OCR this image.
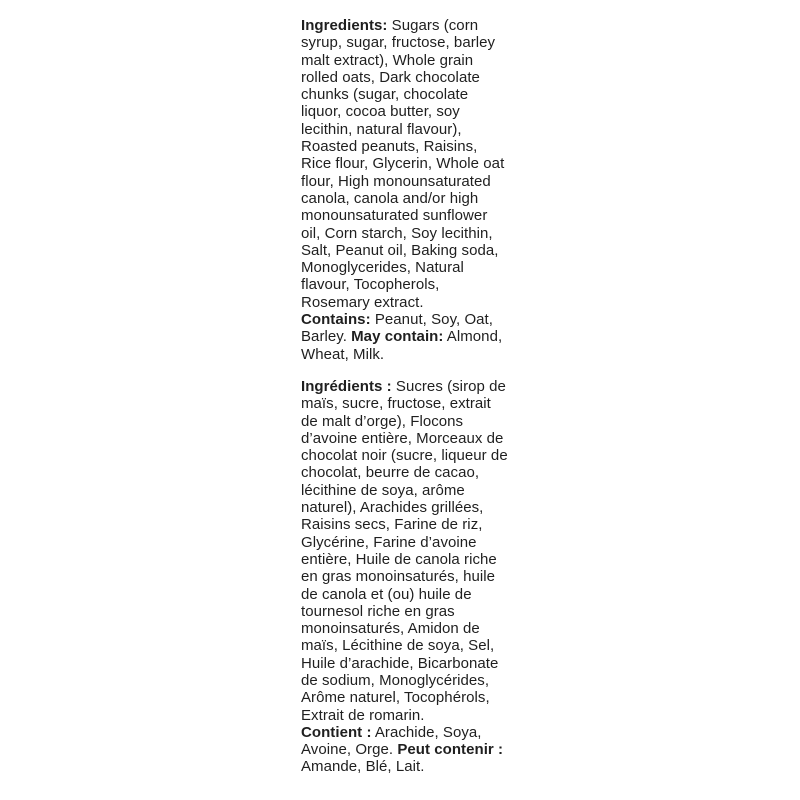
Ingredients: Sugars (corn
syrup, sugar, fructose, barley
malt extract), Whole grain
rolled oats, Dark chocolate
chunks (sugar, chocolate
liquor, cocoa butter, soy
lecithin, natural flavour),
Roasted peanuts, Raisins,
Rice flour, Glycerin, Whole oat
flour, High monounsaturated
canola, canola and/or high
monounsaturated sunflower
oil, Corn starch, Soy lecithin,
Salt, Peanut oil, Baking soda,
Monoglycerides, Natural
flavour, Tocopherols,
Rosemary extract.
Contains: Peanut, Soy, Oat,
Barley. May contain: Almond,
Wheat, Milk.
Ingrédients : Sucres (sirop de
maïs, sucre, fructose, extrait
de malt d’orge), Flocons
d’avoine entière, Morceaux de
chocolat noir (sucre, liqueur de
chocolat, beurre de cacao,
lécithine de soya, arôme
naturel), Arachides grillées,
Raisins secs, Farine de riz,
Glycérine, Farine d’avoine
entière, Huile de canola riche
en gras monoinsaturés, huile
de canola et (ou) huile de
tournesol riche en gras
monoinsaturés, Amidon de
maïs, Lécithine de soya, Sel,
Huile d’arachide, Bicarbonate
de sodium, Monoglycérides,
Arôme naturel, Tocophérols,
Extrait de romarin.
Contient : Arachide, Soya,
Avoine, Orge. Peut contenir :
Amande, Blé, Lait.
